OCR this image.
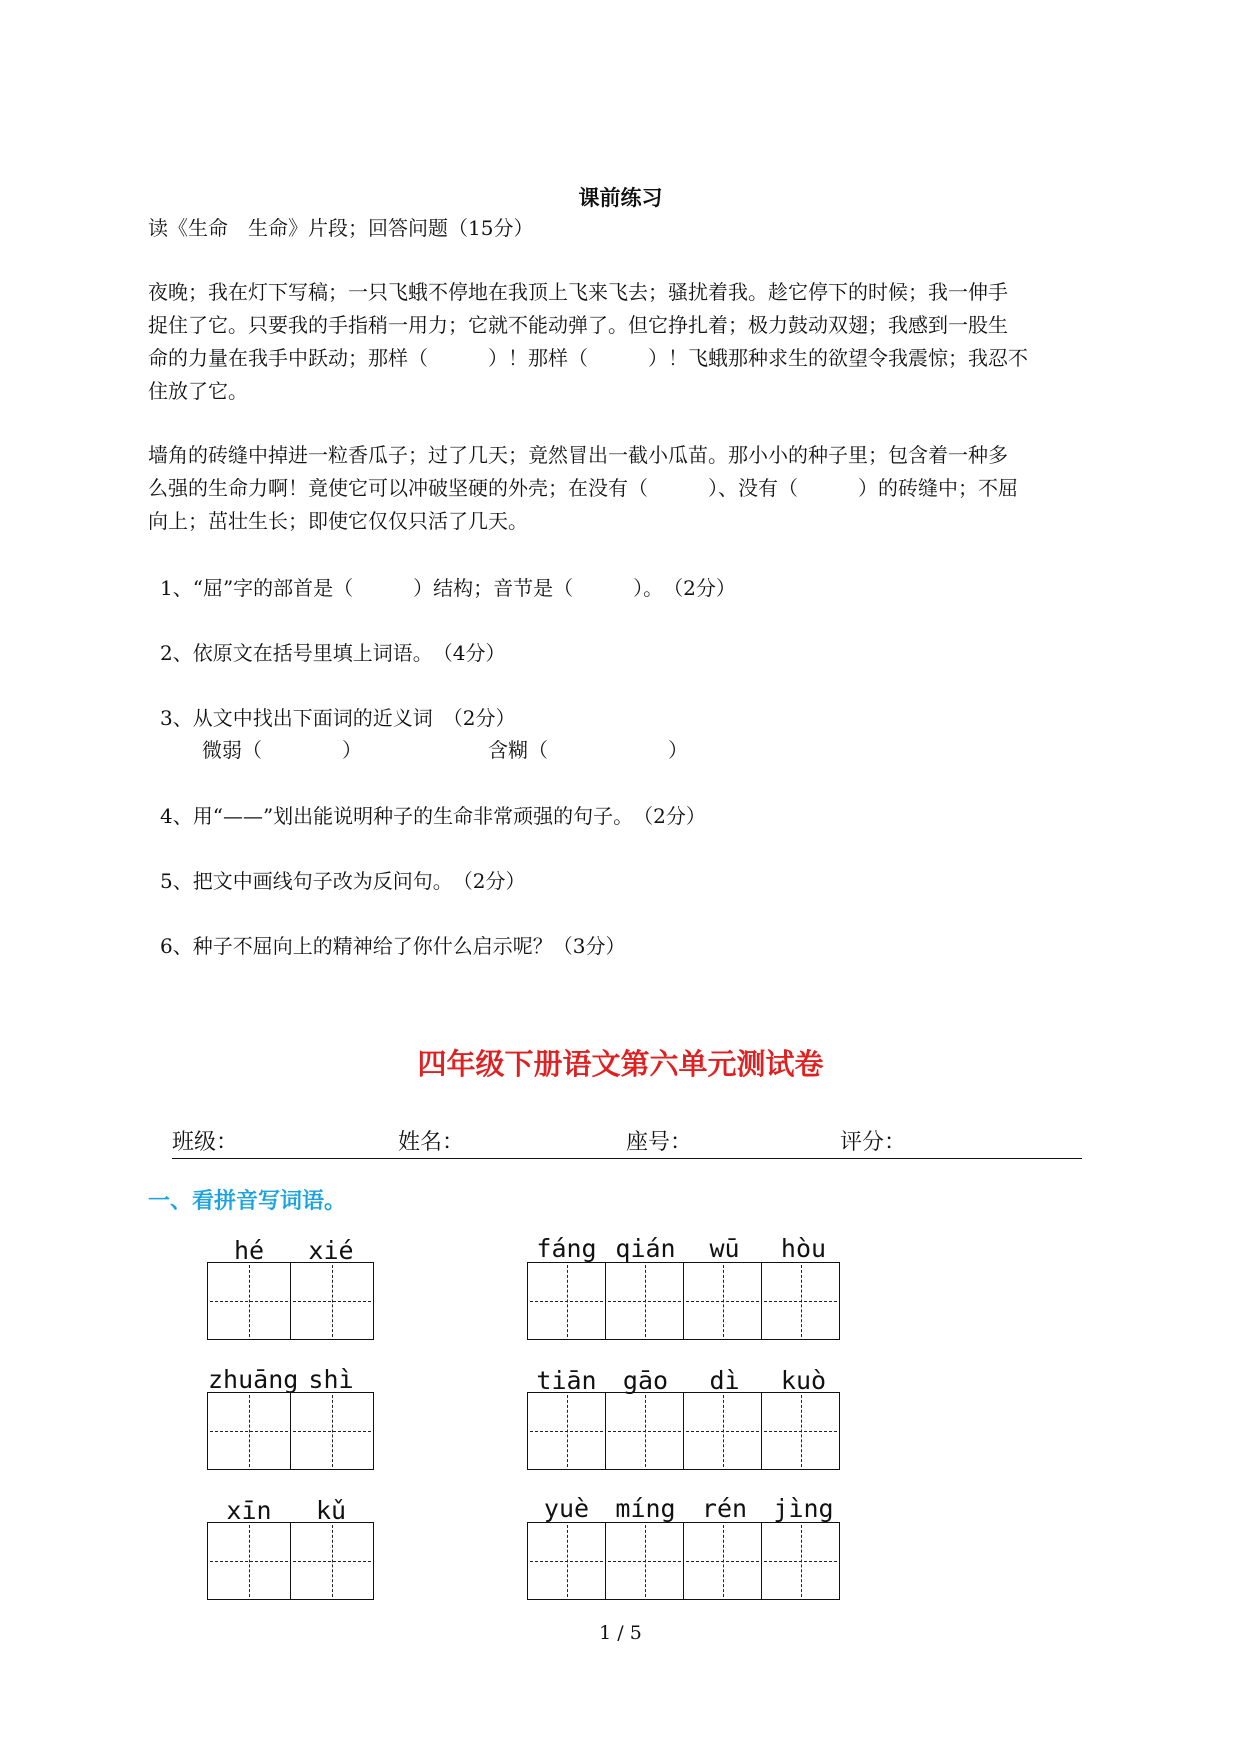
课前练习
读《生命　生命》片段；回答问题（15分）

夜晚；我在灯下写稿；一只飞蛾不停地在我顶上飞来飞去；骚扰着我。趁它停下的时候；我一伸手

捉住了它。只要我的手指稍一用力；它就不能动弹了。但它挣扎着；极力鼓动双翅；我感到一股生

命的力量在我手中跃动；那样（　　　）！那样（　　　）！飞蛾那种求生的欲望令我震惊；我忍不

住放了它。

墙角的砖缝中掉进一粒香瓜子；过了几天；竟然冒出一截小瓜苗。那小小的种子里；包含着一种多

么强的生命力啊！竟使它可以冲破坚硬的外壳；在没有（　　　）、没有（　　　）的砖缝中；不屈

向上；茁壮生长；即使它仅仅只活了几天。

1、“屈”字的部首是（　　　）结构；音节是（　　　）。　（2分）
2、依原文在括号里填上词语。　（4分）
3、从文中找出下面词的近义词　（2分）
微弱（　　　　）	含糊（　　　　　　）
4、用“——”划出能说明种子的生命非常顽强的句子。　（2分）
5、把文中画线句子改为反问句。　（2分）
6、种子不屈向上的精神给了你什么启示呢？（3分）
四年级下册语文第六单元测试卷
班级：	姓名：	座号：	评分：
一、看拼音写词语。
hé	xié
zhuāng shì
xīn	kǔ
fáng qián	wū	hòu
tiān	gāo	dì	kuò
yuè	míng	rén	jìng
1 / 5
